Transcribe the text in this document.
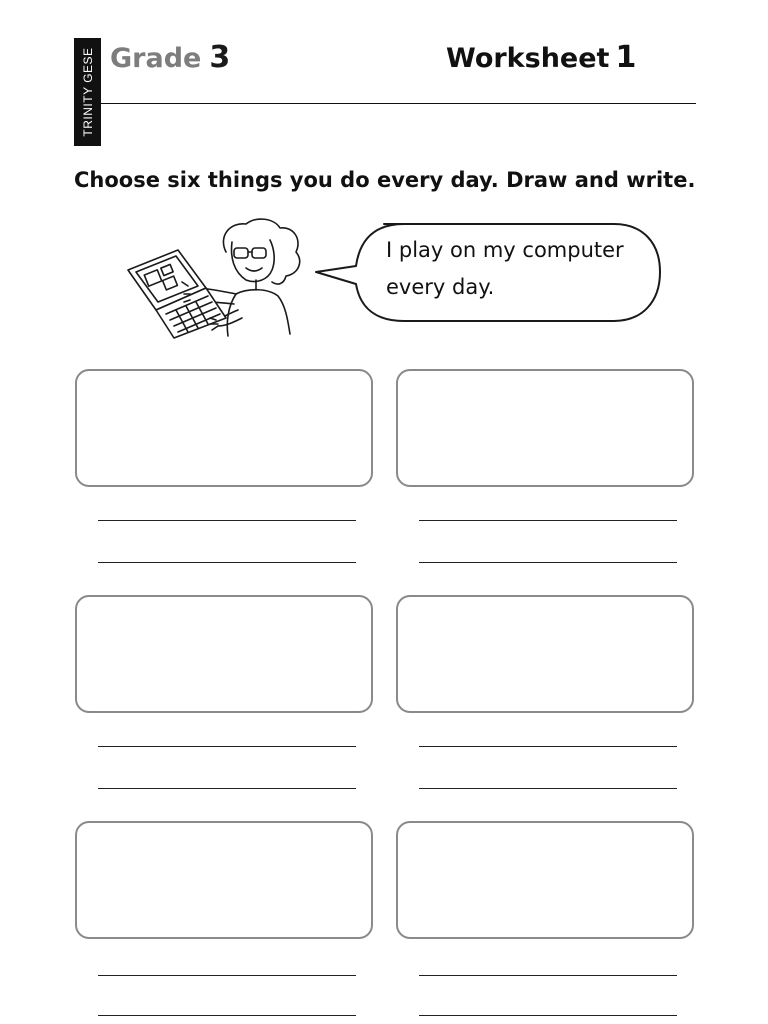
TRINITY GESE Grade 3	Worksheet 1
Choose six things you do every day. Draw and write.
I play on my computer
every day.
